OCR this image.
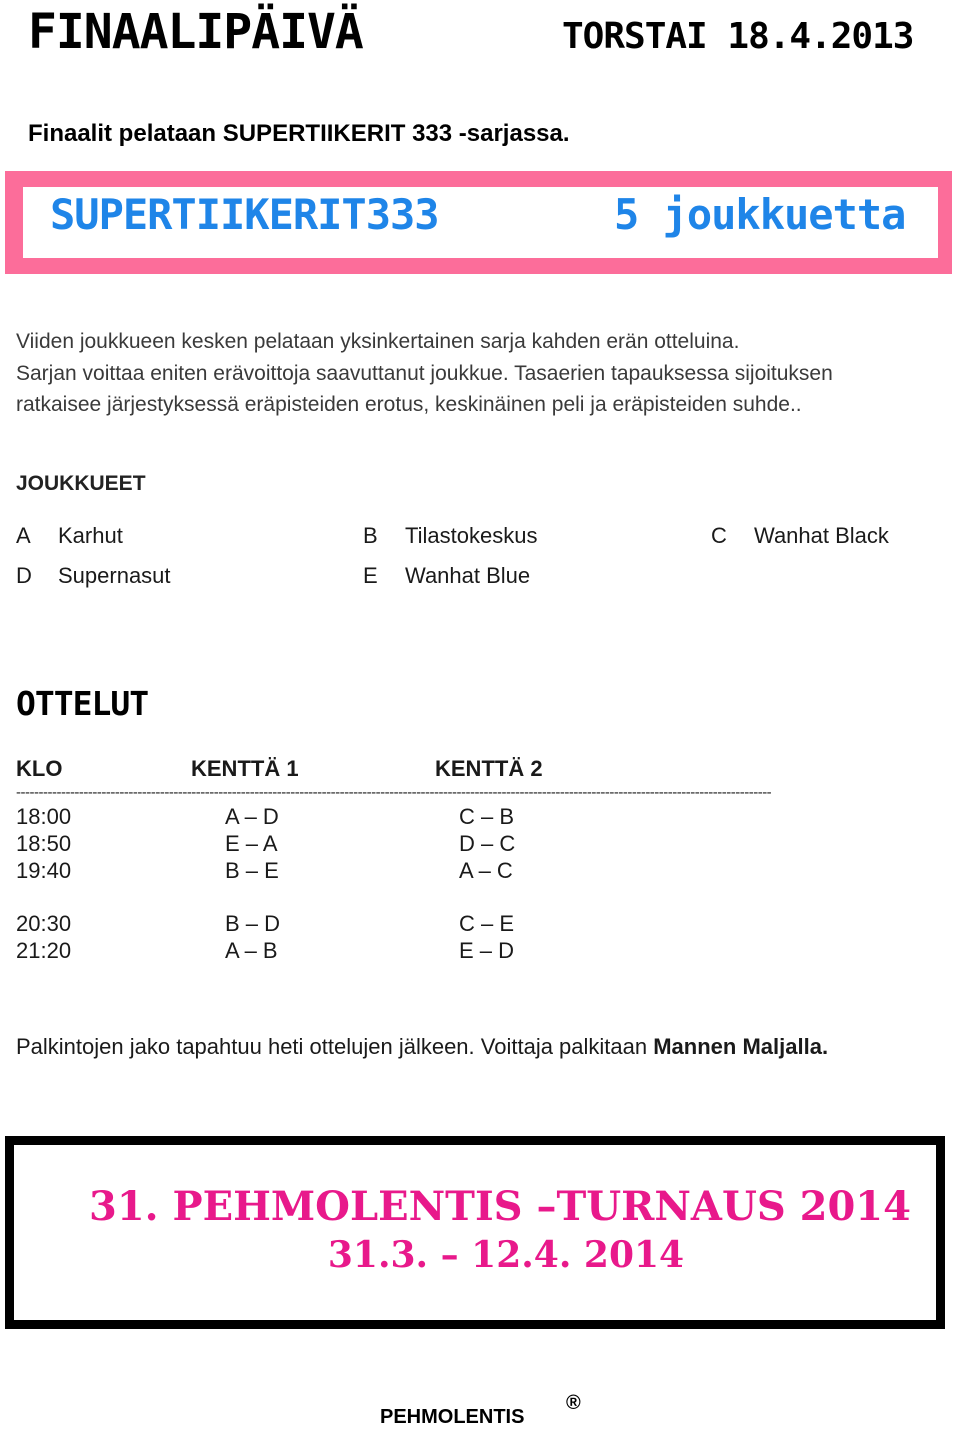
FINAALIPÄIVÄ	TORSTAI 18.4.2013
Finaalit pelataan SUPERTIIKERIT 333 -sarjassa.
SUPERTIIKERIT333	5 joukkuetta
Viiden joukkueen kesken pelataan yksinkertainen sarja kahden erän otteluina.
Sarjan voittaa eniten erävoittoja saavuttanut joukkue. Tasaerien tapauksessa sijoituksen
ratkaisee järjestyksessä eräpisteiden erotus, keskinäinen peli ja eräpisteiden suhde..
JOUKKUEET
A Karhut	B Tilastokeskus	C Wanhat Black
D Supernasut	E Wanhat Blue
OTTELUT
KLO	KENTTÄ 1	KENTTÄ 2
------------------------------------------------------------------------------------------------------------------------------------------------------------------------
18:00	A – D	C – B
18:50	E – A	D – C
19:40	B – E	A – C
20:30	B – D	C – E
21:20	A – B	E – D
Palkintojen jako tapahtuu heti ottelujen jälkeen. Voittaja palkitaan Mannen Maljalla.
31. PEHMOLENTIS –TURNAUS 2014
31.3. – 12.4. 2014
PEHMOLENTIS
®
